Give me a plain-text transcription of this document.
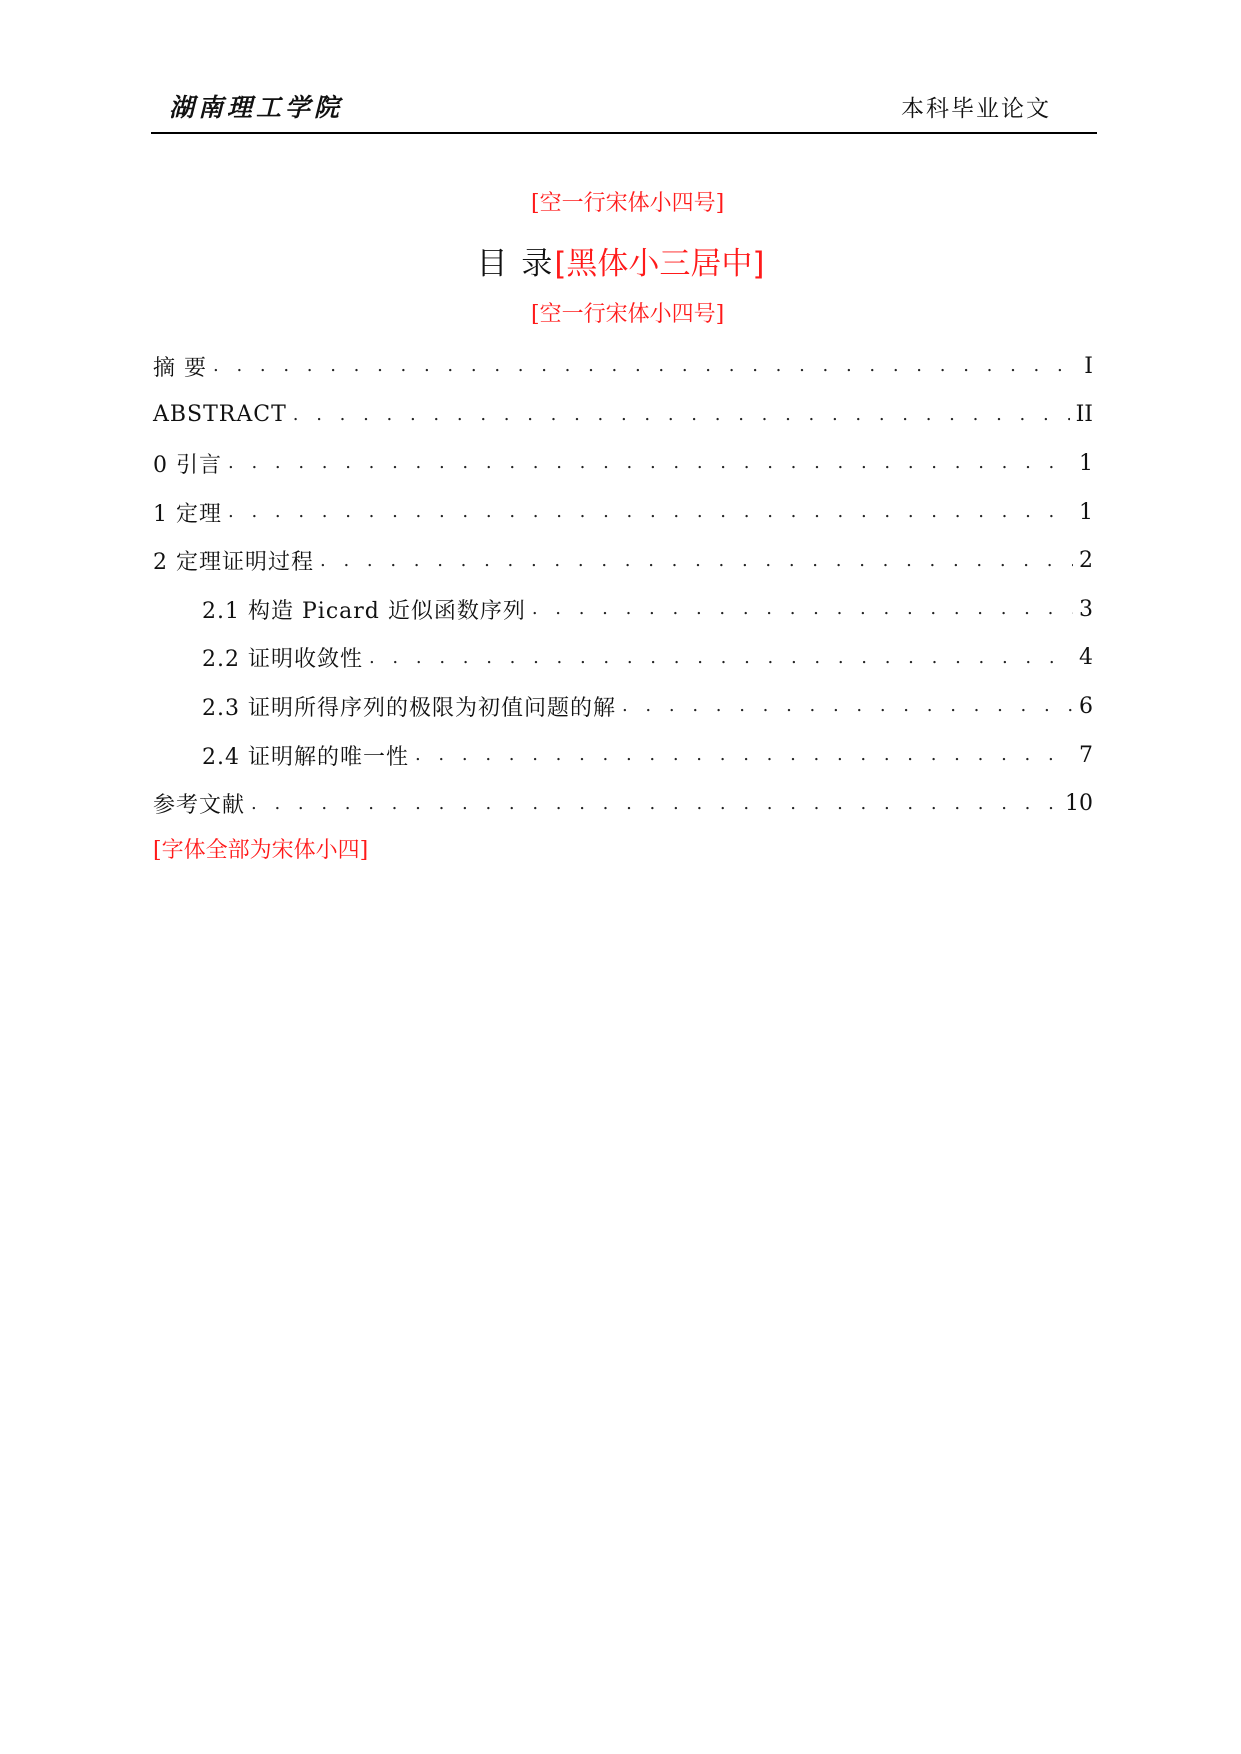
湖南理工学院	本科毕业论文
[空一行宋体小四号]
目 录[黑体小三居中]
[空一行宋体小四号]
摘 要 . . .	I
ABSTRACT . . .	II
0 引言 . . .	1
1 定理 . . .	1
2 定理证明过程 . . .	2
2.1 构造 Picard 近似函数序列 . . .	3
2.2 证明收敛性 . . .	4
2.3 证明所得序列的极限为初值问题的解 . . .	6
2.4 证明解的唯一性 . . .	7
参考文献 . . .	10
[字体全部为宋体小四]
